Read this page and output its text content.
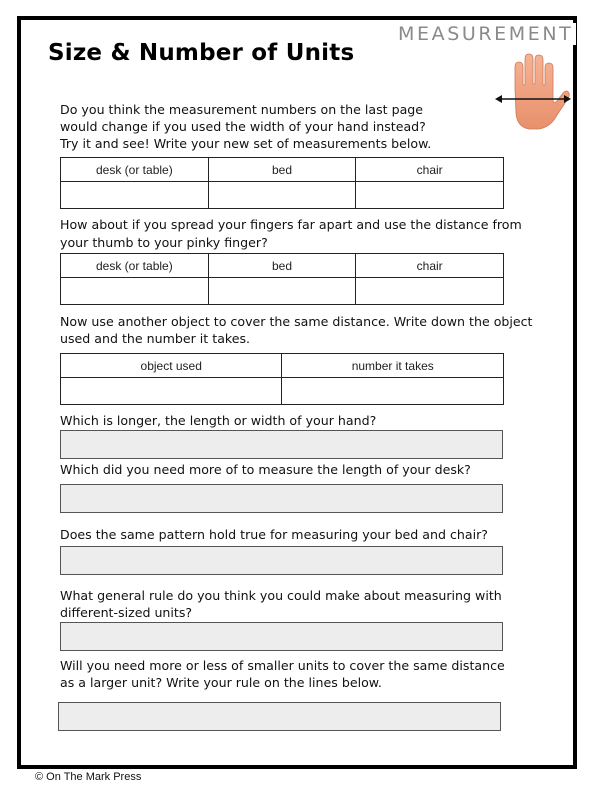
Size & Number of Units
MEASUREMENT
Do you think the measurement numbers on the last page
would change if you used the width of your hand instead?
Try it and see! Write your new set of measurements below.
desk (or table)	bed	chair

How about if you spread your fingers far apart and use the distance from
your thumb to your pinky finger?
desk (or table)	bed	chair

Now use another object to cover the same distance. Write down the object
used and the number it takes.
object used	number it takes

Which is longer, the length or width of your hand?
Which did you need more of to measure the length of your desk?
Does the same pattern hold true for measuring your bed and chair?
What general rule do you think you could make about measuring with
different-sized units?
Will you need more or less of smaller units to cover the same distance
as a larger unit? Write your rule on the lines below.
© On The Mark Press
